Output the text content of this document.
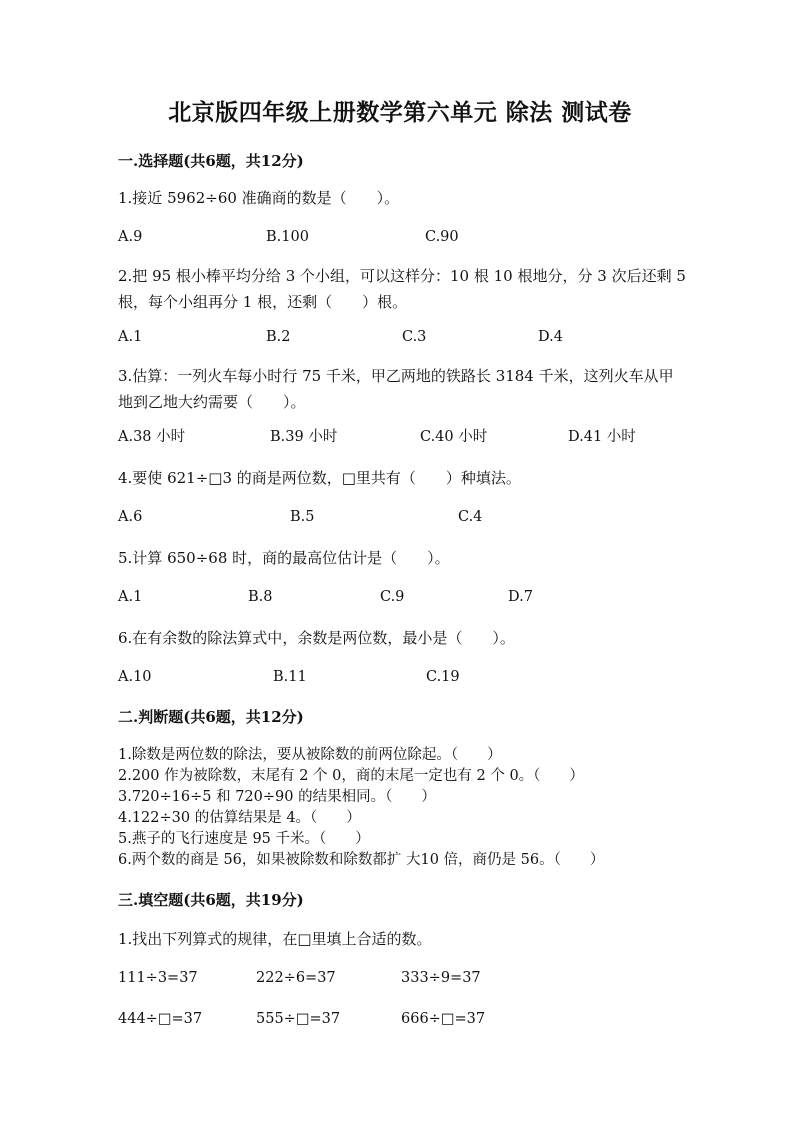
北京版四年级上册数学第六单元 除法 测试卷
一.选择题(共6题，共12分)
1.接近 5962÷60 准确商的数是（　　）。
A.9	B.100	C.90
2.把 95 根小棒平均分给 3 个小组，可以这样分：10 根 10 根地分，分 3 次后还剩 5 根，每个小组再分 1 根，还剩（　　）根。
A.1	B.2	C.3	D.4
3.估算：一列火车每小时行 75 千米，甲乙两地的铁路长 3184 千米，这列火车从甲地到乙地大约需要（　　）。
A.38 小时	B.39 小时	C.40 小时	D.41 小时
4.要使 621÷□3 的商是两位数，□里共有（　　）种填法。
A.6	B.5	C.4
5.计算 650÷68 时，商的最高位估计是（　　）。
A.1	B.8	C.9	D.7
6.在有余数的除法算式中，余数是两位数，最小是（　　）。
A.10	B.11	C.19
二.判断题(共6题，共12分)
1.除数是两位数的除法，要从被除数的前两位除起。（　　）
2.200 作为被除数，末尾有 2 个 0，商的末尾一定也有 2 个 0。（　　）
3.720÷16÷5 和 720÷90 的结果相同。（　　）
4.122÷30 的估算结果是 4。（　　）
5.燕子的飞行速度是 95 千米。（　　）
6.两个数的商是 56，如果被除数和除数都扩 大10 倍，商仍是 56。（　　）
三.填空题(共6题，共19分)
1.找出下列算式的规律，在□里填上合适的数。
111÷3=37	222÷6=37	333÷9=37
444÷□=37	555÷□=37	666÷□=37
